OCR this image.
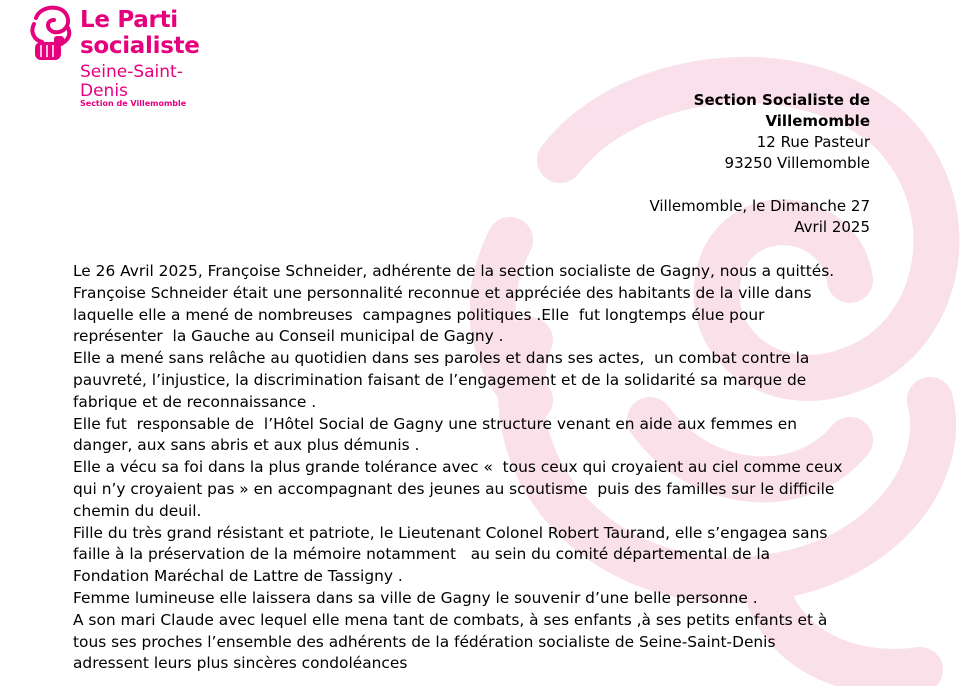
Le Parti
socialiste
Seine-Saint-Denis
Section de Villemomble	Section Socialiste de Villemomble
12 Rue Pasteur
93250 Villemomble
Villemomble, le Dimanche 27 Avril 2025

Le 26 Avril 2025, Françoise Schneider, adhérente de la section socialiste de Gagny, nous a quittés.

Françoise Schneider était une personnalité reconnue et appréciée des habitants de la ville dans

laquelle elle a mené de nombreuses  campagnes politiques .Elle  fut longtemps élue pour

représenter  la Gauche au Conseil municipal de Gagny .

Elle a mené sans relâche au quotidien dans ses paroles et dans ses actes,  un combat contre la

pauvreté, l’injustice, la discrimination faisant de l’engagement et de la solidarité sa marque de

fabrique et de reconnaissance .

Elle fut  responsable de  l’Hôtel Social de Gagny une structure venant en aide aux femmes en

danger, aux sans abris et aux plus démunis .

Elle a vécu sa foi dans la plus grande tolérance avec «  tous ceux qui croyaient au ciel comme ceux

qui n’y croyaient pas » en accompagnant des jeunes au scoutisme  puis des familles sur le difficile

chemin du deuil.

Fille du très grand résistant et patriote, le Lieutenant Colonel Robert Taurand, elle s’engagea sans

faille à la préservation de la mémoire notamment   au sein du comité départemental de la

Fondation Maréchal de Lattre de Tassigny .

Femme lumineuse elle laissera dans sa ville de Gagny le souvenir d’une belle personne .

A son mari Claude avec lequel elle mena tant de combats, à ses enfants ,à ses petits enfants et à

tous ses proches l’ensemble des adhérents de la fédération socialiste de Seine-Saint-Denis

adressent leurs plus sincères condoléances
